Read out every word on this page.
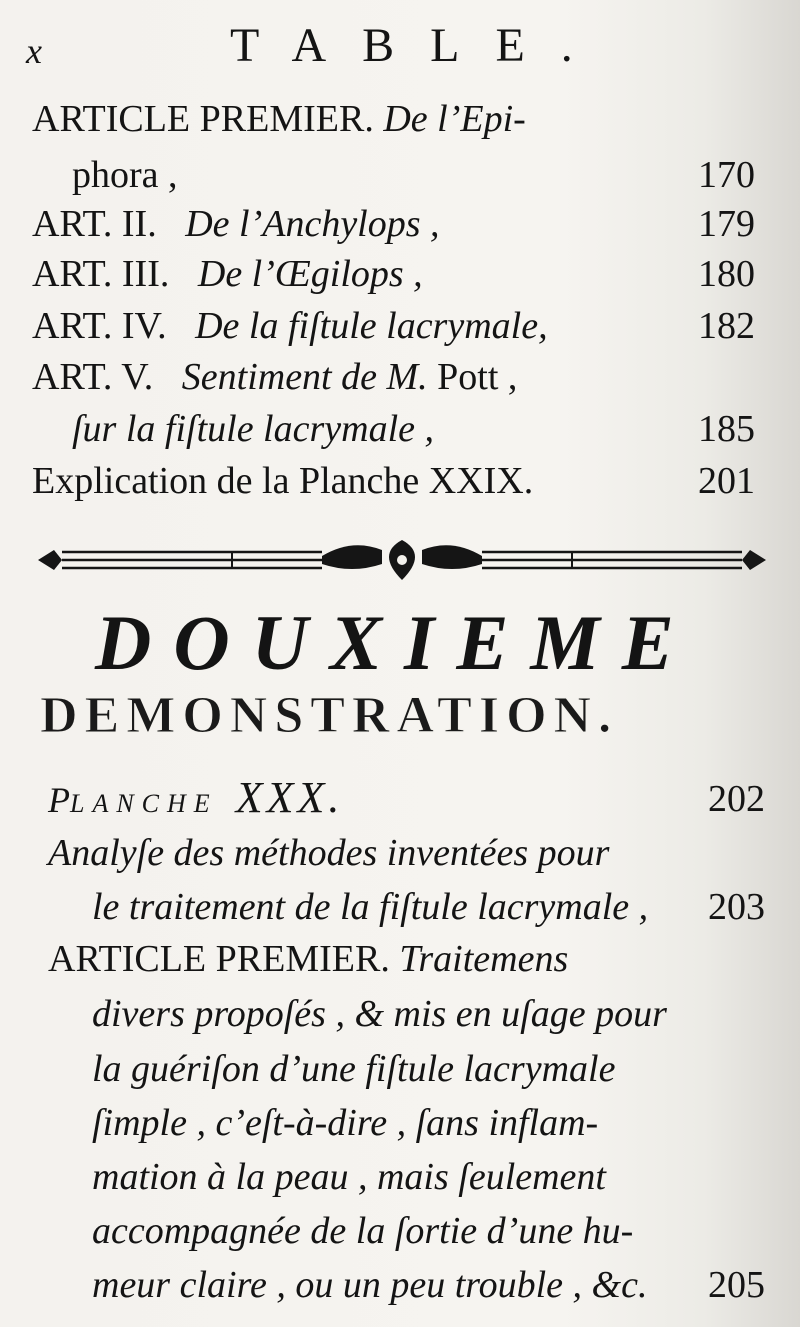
x	TABLE.
ARTICLE PREMIER. De l’Epi-
phora ,	170
ART. II. De l’Anchylops ,	179
ART. III. De l’Œgilops ,	180
ART. IV. De la fiſtule lacrymale,	182
ART. V. Sentiment de M. Pott ,
ſur la fiſtule lacrymale ,	185
Explication de la Planche XXIX.	201
DOUXIEME
DEMONSTRATION.
PLANCHE XXX.	202
Analyſe des méthodes inventées pour
le traitement de la fiſtule lacrymale , 203
ARTICLE PREMIER. Traitemens
divers propoſés , & mis en uſage pour
la guériſon d’une fiſtule lacrymale
ſimple , c’eſt-à-dire , ſans inflam-
mation à la peau , mais ſeulement
accompagnée de la ſortie d’une hu-
meur claire , ou un peu trouble , &c. 205
